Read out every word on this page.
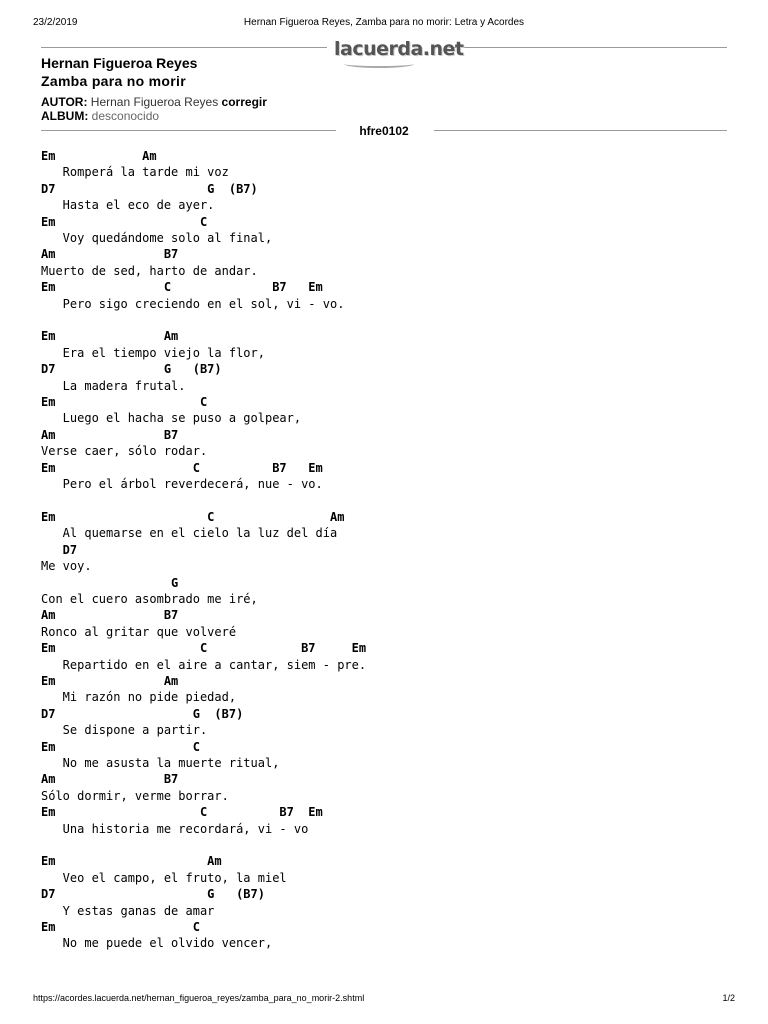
23/2/2019	Hernan Figueroa Reyes, Zamba para no morir: Letra y Acordes
lacuerda.net
Hernan Figueroa Reyes
Zamba para no morir
AUTOR: Hernan Figueroa Reyes corregir
ALBUM: desconocido
hfre0102
Em            Am
Romperá la tarde mi voz
D7                     G  (B7)
Hasta el eco de ayer.
Em                    C
Voy quedándome solo al final,
Am               B7
Muerto de sed, harto de andar.
Em               C              B7   Em
Pero sigo creciendo en el sol, vi - vo.
Em               Am
Era el tiempo viejo la flor,
D7               G   (B7)
La madera frutal.
Em                    C
Luego el hacha se puso a golpear,
Am               B7
Verse caer, sólo rodar.
Em                   C          B7   Em
Pero el árbol reverdecerá, nue - vo.
Em                     C                Am
Al quemarse en el cielo la luz del día
D7
Me voy.
G
Con el cuero asombrado me iré,
Am               B7
Ronco al gritar que volveré
Em                    C             B7     Em
Repartido en el aire a cantar, siem - pre.
Em               Am
Mi razón no pide piedad,
D7                   G  (B7)
Se dispone a partir.
Em                   C
No me asusta la muerte ritual,
Am               B7
Sólo dormir, verme borrar.
Em                    C          B7  Em
Una historia me recordará, vi - vo
Em                     Am
Veo el campo, el fruto, la miel
D7                     G   (B7)
Y estas ganas de amar
Em                   C
No me puede el olvido vencer,
https://acordes.lacuerda.net/hernan_figueroa_reyes/zamba_para_no_morir-2.shtml	1/2
